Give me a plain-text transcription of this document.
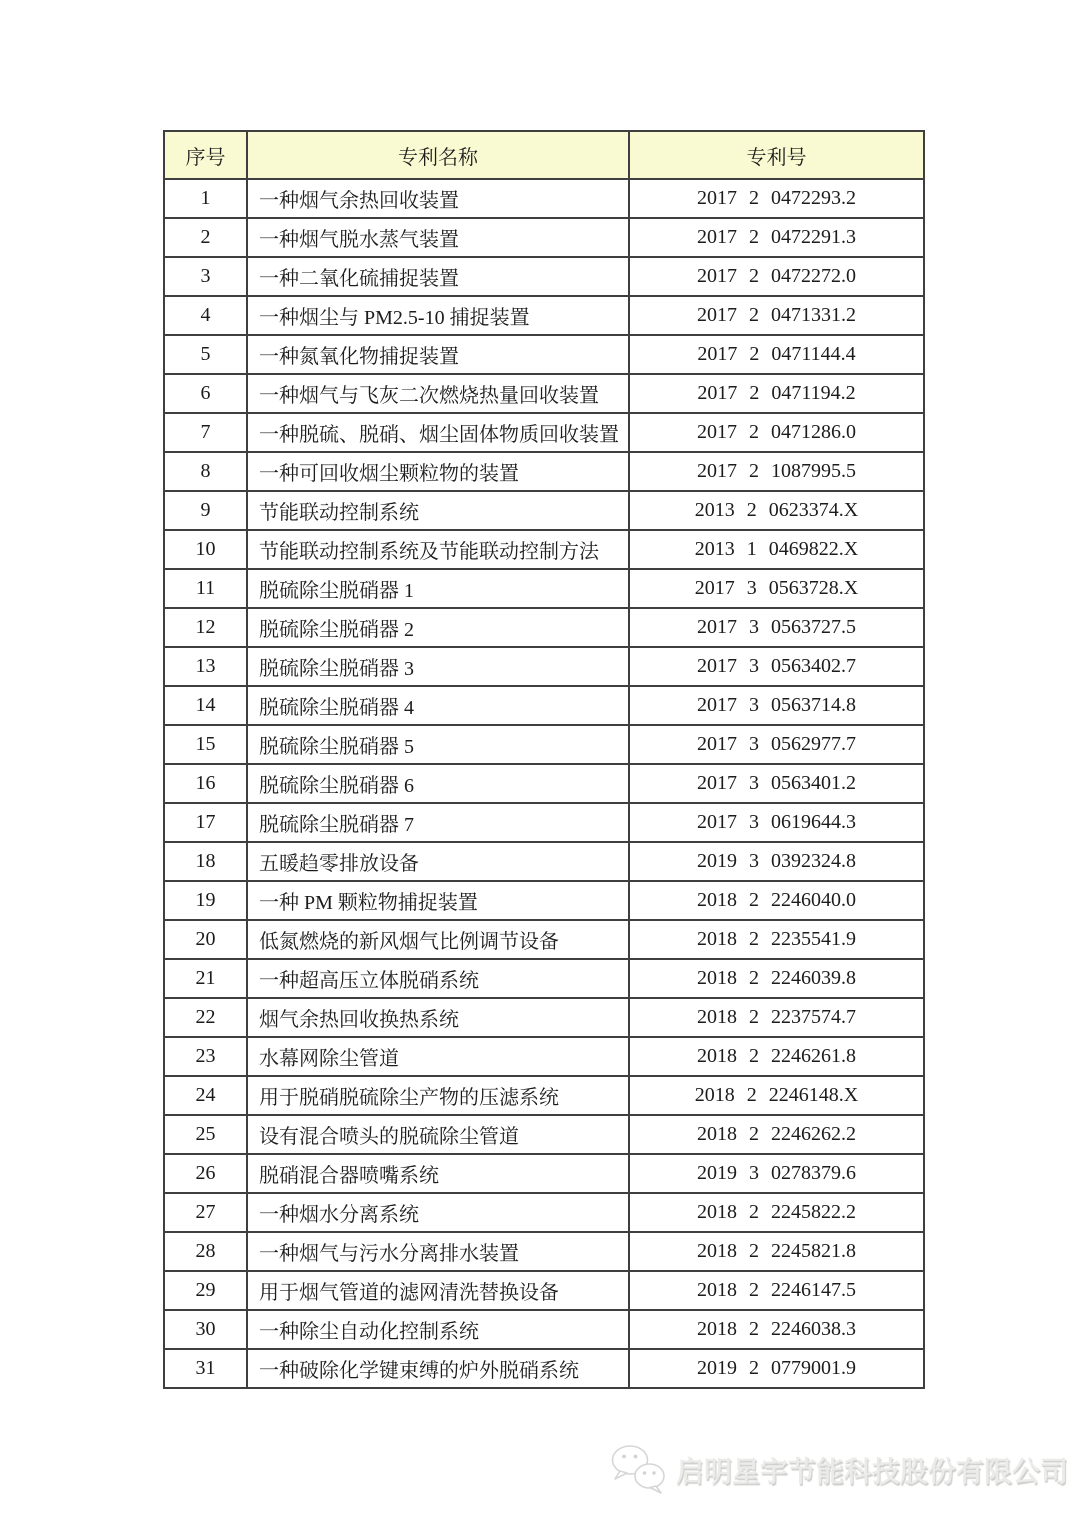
序号	专利名称	专利号
1	一种烟气余热回收装置	2017 2 0472293.2
2	一种烟气脱水蒸气装置	2017 2 0472291.3
3	一种二氧化硫捕捉装置	2017 2 0472272.0
4	一种烟尘与 PM2.5-10 捕捉装置	2017 2 0471331.2
5	一种氮氧化物捕捉装置	2017 2 0471144.4
6	一种烟气与飞灰二次燃烧热量回收装置	2017 2 0471194.2
7	一种脱硫、脱硝、烟尘固体物质回收装置	2017 2 0471286.0
8	一种可回收烟尘颗粒物的装置	2017 2 1087995.5
9	节能联动控制系统	2013 2 0623374.X
10	节能联动控制系统及节能联动控制方法	2013 1 0469822.X
11	脱硫除尘脱硝器 1	2017 3 0563728.X
12	脱硫除尘脱硝器 2	2017 3 0563727.5
13	脱硫除尘脱硝器 3	2017 3 0563402.7
14	脱硫除尘脱硝器 4	2017 3 0563714.8
15	脱硫除尘脱硝器 5	2017 3 0562977.7
16	脱硫除尘脱硝器 6	2017 3 0563401.2
17	脱硫除尘脱硝器 7	2017 3 0619644.3
18	五暖趋零排放设备	2019 3 0392324.8
19	一种 PM 颗粒物捕捉装置	2018 2 2246040.0
20	低氮燃烧的新风烟气比例调节设备	2018 2 2235541.9
21	一种超高压立体脱硝系统	2018 2 2246039.8
22	烟气余热回收换热系统	2018 2 2237574.7
23	水幕网除尘管道	2018 2 2246261.8
24	用于脱硝脱硫除尘产物的压滤系统	2018 2 2246148.X
25	设有混合喷头的脱硫除尘管道	2018 2 2246262.2
26	脱硝混合器喷嘴系统	2019 3 0278379.6
27	一种烟水分离系统	2018 2 2245822.2
28	一种烟气与污水分离排水装置	2018 2 2245821.8
29	用于烟气管道的滤网清洗替换设备	2018 2 2246147.5
30	一种除尘自动化控制系统	2018 2 2246038.3
31	一种破除化学键束缚的炉外脱硝系统	2019 2 0779001.9
启明星宇节能科技股份有限公司
